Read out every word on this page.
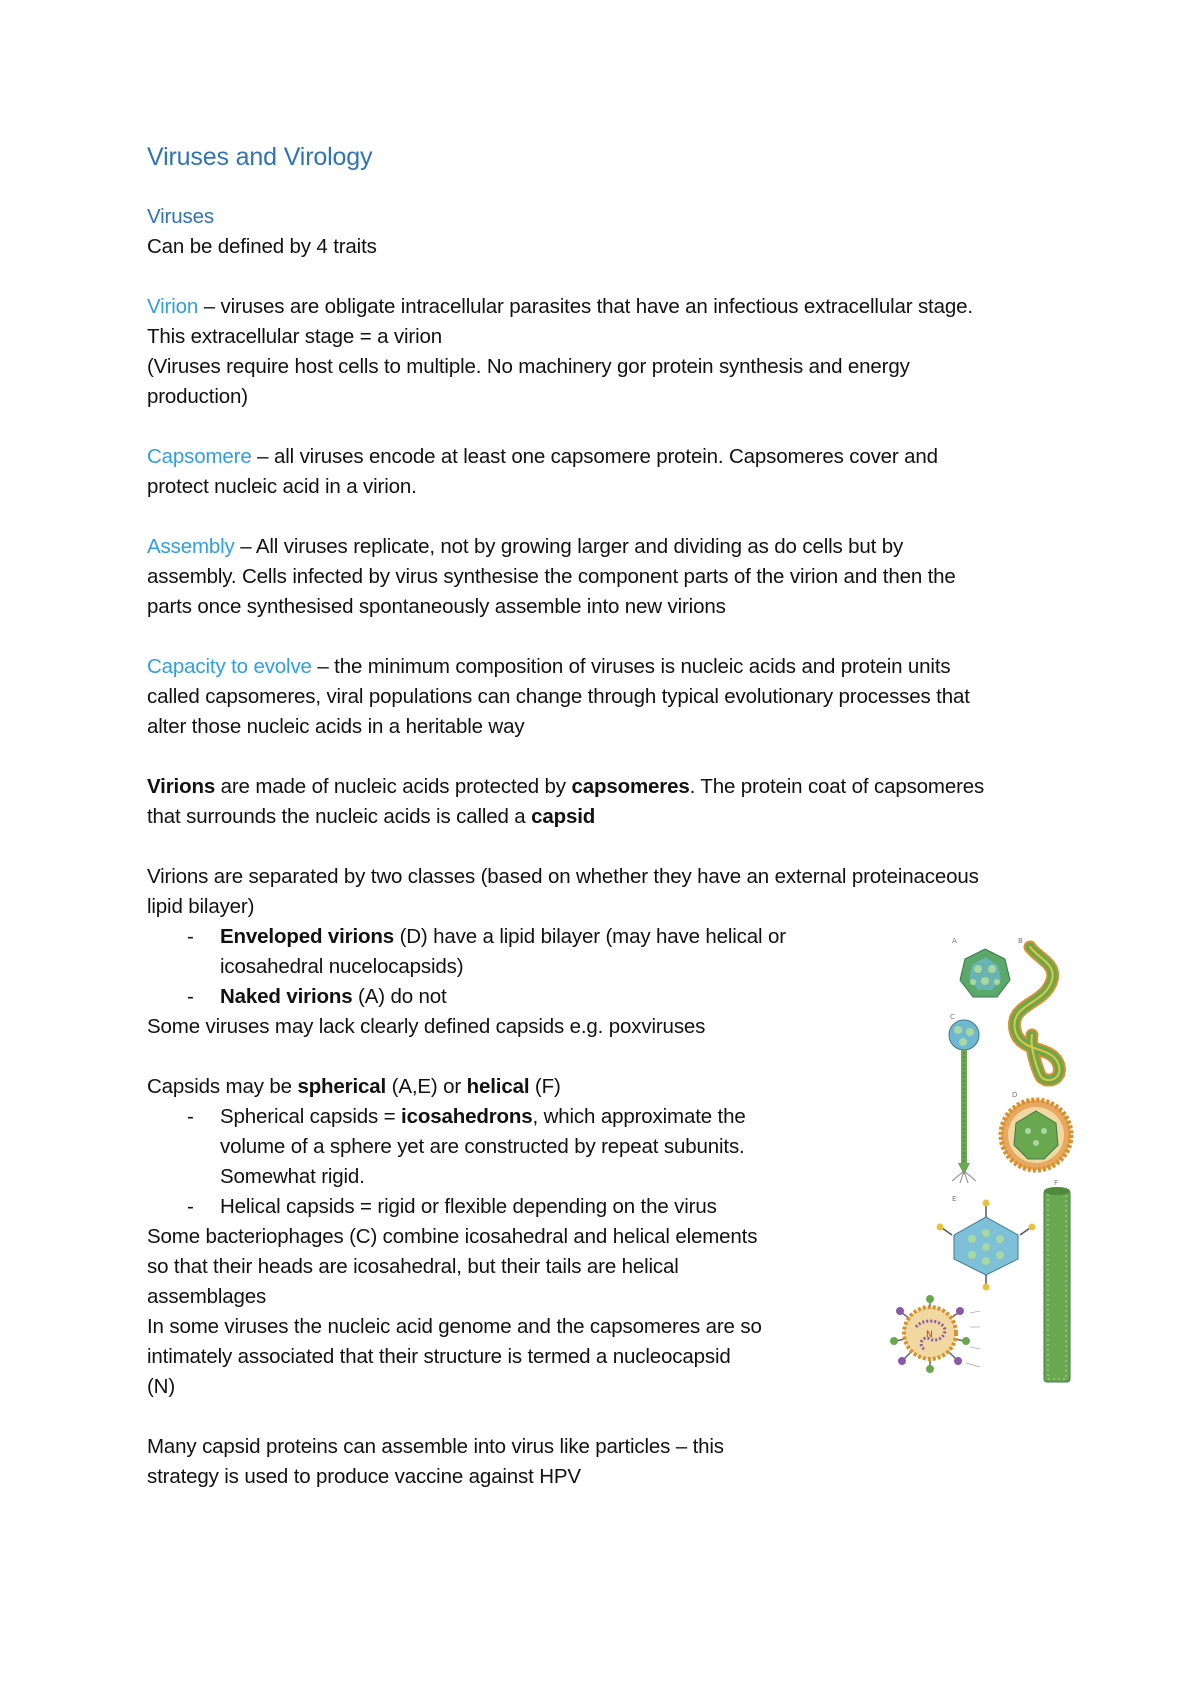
Viruses and Virology

Viruses

Can be defined by 4 traits

Virion – viruses are obligate intracellular parasites that have an infectious extracellular stage.

This extracellular stage = a virion

(Viruses require host cells to multiple. No machinery gor protein synthesis and energy

production)

Capsomere – all viruses encode at least one capsomere protein. Capsomeres cover and

protect nucleic acid in a virion.

Assembly – All viruses replicate, not by growing larger and dividing as do cells but by

assembly. Cells infected by virus synthesise the component parts of the virion and then the

parts once synthesised spontaneously assemble into new virions

Capacity to evolve – the minimum composition of viruses is nucleic acids and protein units

called capsomeres, viral populations can change through typical evolutionary processes that

alter those nucleic acids in a heritable way

Virions are made of nucleic acids protected by capsomeres. The protein coat of capsomeres

that surrounds the nucleic acids is called a capsid

Virions are separated by two classes (based on whether they have an external proteinaceous

lipid bilayer)

- Enveloped virions (D) have a lipid bilayer (may have helical or
icosahedral nucelocapsids)
- Naked virions (A) do not

Some viruses may lack clearly defined capsids e.g. poxviruses

Capsids may be spherical (A,E) or helical (F)

- Spherical capsids = icosahedrons, which approximate the
volume of a sphere yet are constructed by repeat subunits.
Somewhat rigid.
- Helical capsids = rigid or flexible depending on the virus

Some bacteriophages (C) combine icosahedral and helical elements

so that their heads are icosahedral, but their tails are helical

assemblages

In some viruses the nucleic acid genome and the capsomeres are so

intimately associated that their structure is termed a nucleocapsid

(N)

Many capsid proteins can assemble into virus like particles – this

strategy is used to produce vaccine against HPV

A	B
C
D
E
F
N
